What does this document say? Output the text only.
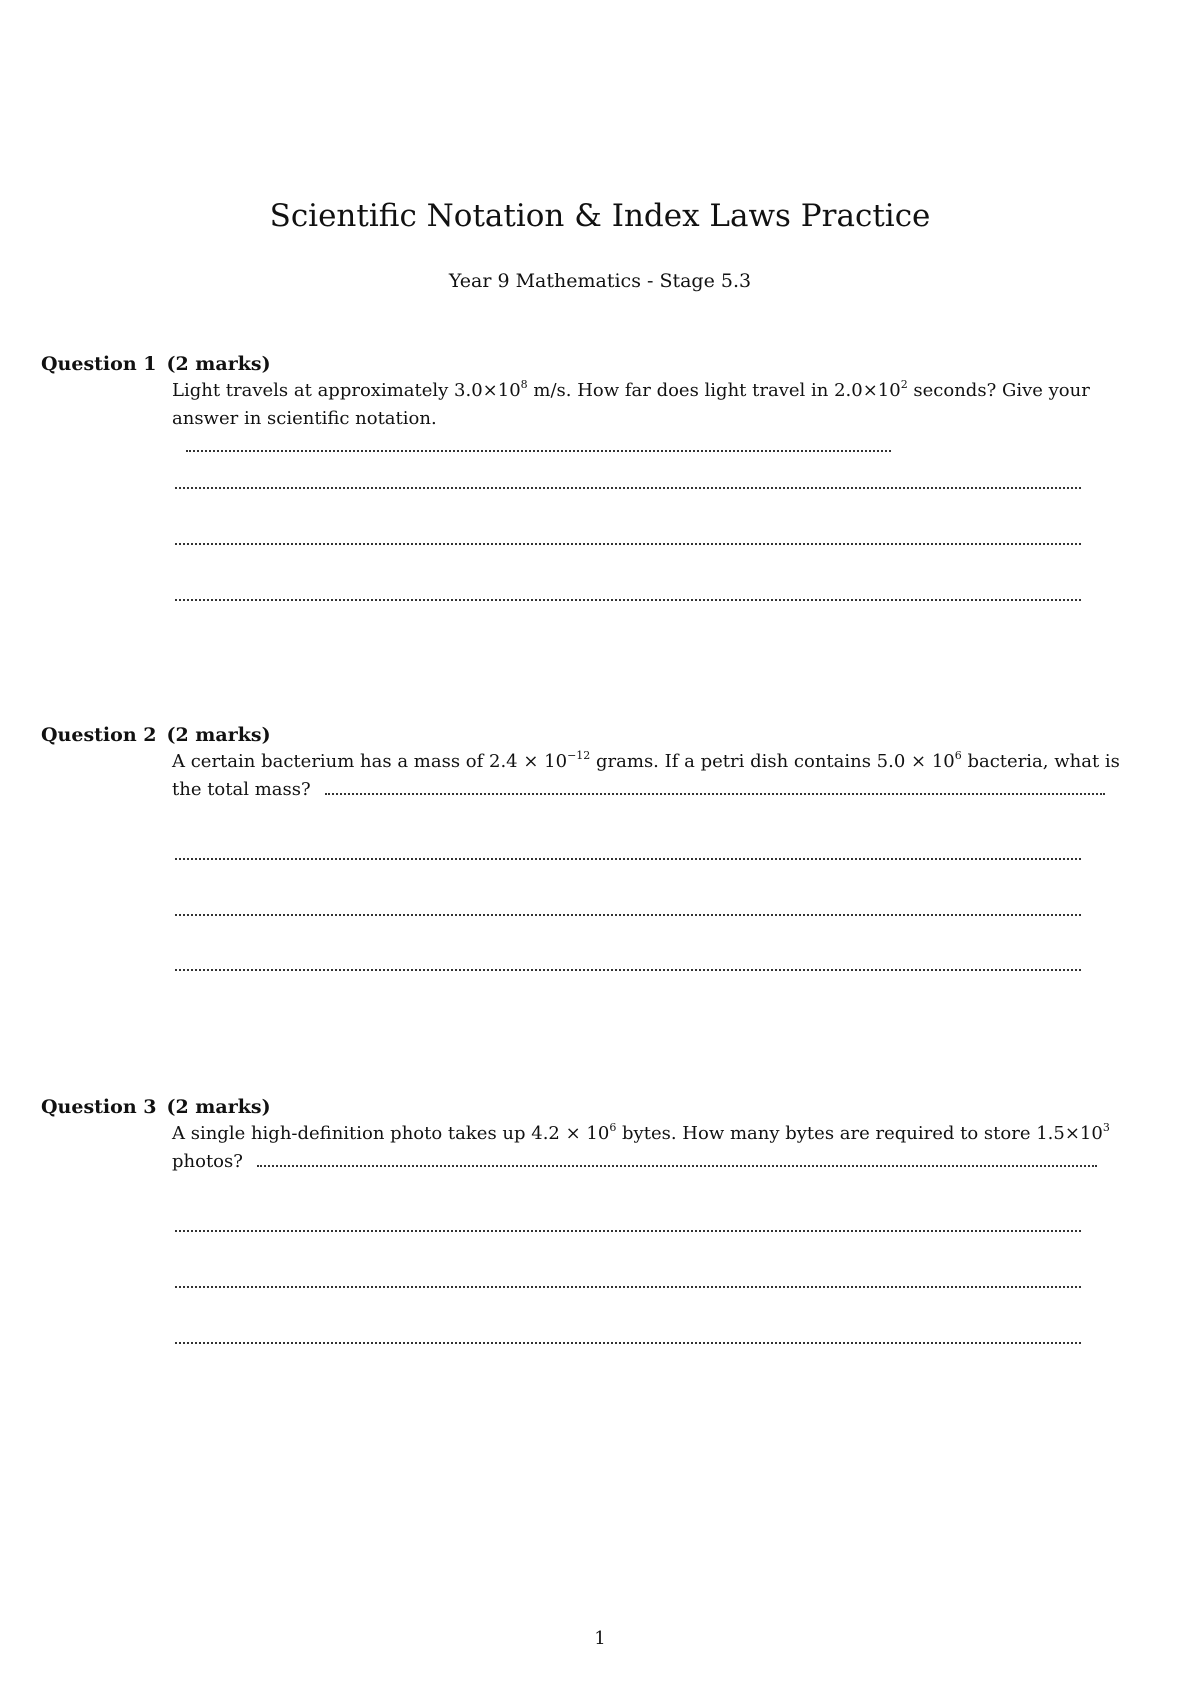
Scientific Notation & Index Laws Practice
Year 9 Mathematics - Stage 5.3
Question 1 (2 marks)
Light travels at approximately $3.0\times 10^8$ m/s. How far does light travel in $2.0\times 10^2$ seconds? Give your answer in scientific notation.
Question 2 (2 marks)
A certain bacterium has a mass of $2.4 \times 10^{-12}$ grams. If a petri dish contains $5.0 \times 10^6$ bacteria, what is the total mass?
Question 3 (2 marks)
A single high-definition photo takes up $4.2 \times 10^6$ bytes. How many bytes are required to store $1.5\times 10^3$ photos?
1
